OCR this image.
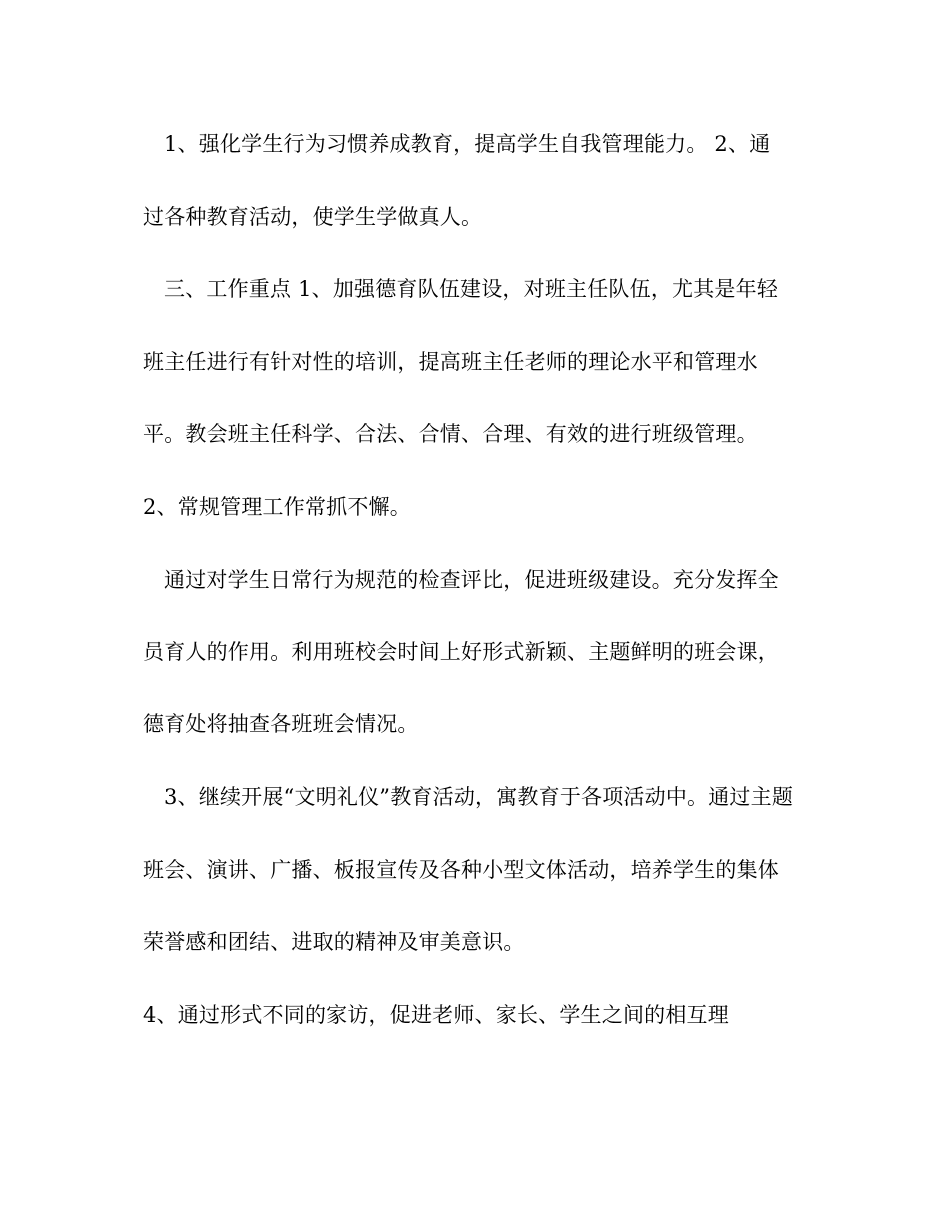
1、强化学生行为习惯养成教育，提高学生自我管理能力。 2、通
过各种教育活动，使学生学做真人。
三、工作重点 1、加强德育队伍建设，对班主任队伍，尤其是年轻
班主任进行有针对性的培训，提高班主任老师的理论水平和管理水
平。教会班主任科学、合法、合情、合理、有效的进行班级管理。
2、常规管理工作常抓不懈。
通过对学生日常行为规范的检查评比，促进班级建设。充分发挥全
员育人的作用。利用班校会时间上好形式新颖、主题鲜明的班会课，
德育处将抽查各班班会情况。
3、继续开展“文明礼仪”教育活动，寓教育于各项活动中。通过主题
班会、演讲、广播、板报宣传及各种小型文体活动，培养学生的集体
荣誉感和团结、进取的精神及审美意识。
4、通过形式不同的家访，促进老师、家长、学生之间的相互理
